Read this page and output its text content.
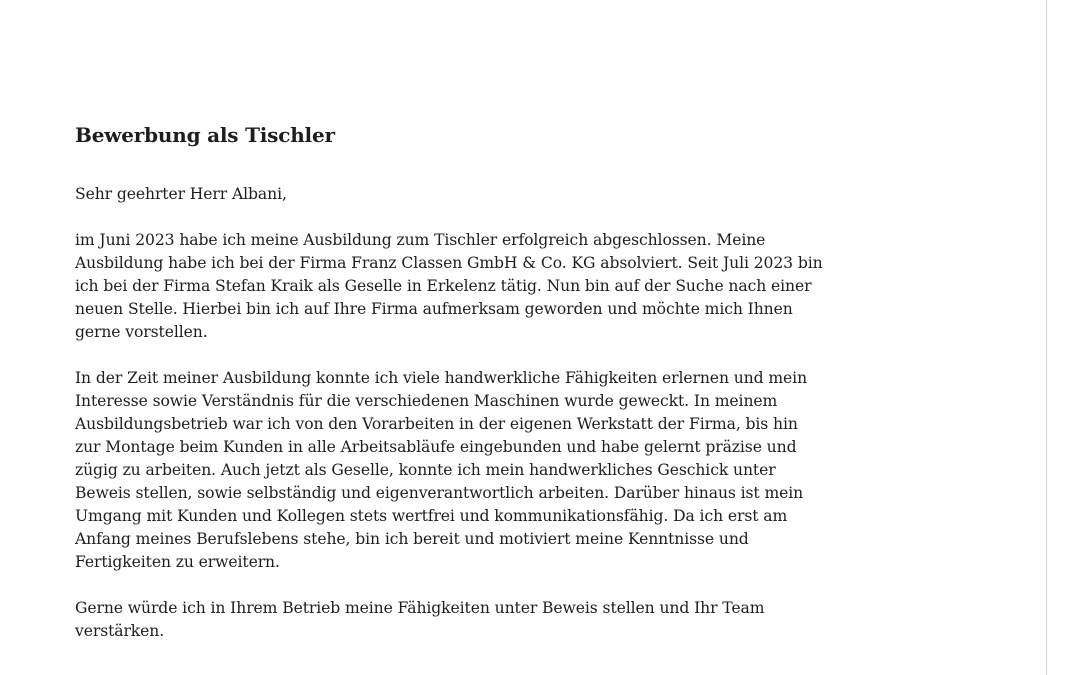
Bewerbung als Tischler
Sehr geehrter Herr Albani,
im Juni 2023 habe ich meine Ausbildung zum Tischler erfolgreich abgeschlossen. Meine
Ausbildung habe ich bei der Firma Franz Classen GmbH & Co. KG absolviert. Seit Juli 2023 bin
ich bei der Firma Stefan Kraik als Geselle in Erkelenz tätig. Nun bin auf der Suche nach einer
neuen Stelle. Hierbei bin ich auf Ihre Firma aufmerksam geworden und möchte mich Ihnen
gerne vorstellen.
In der Zeit meiner Ausbildung konnte ich viele handwerkliche Fähigkeiten erlernen und mein
Interesse sowie Verständnis für die verschiedenen Maschinen wurde geweckt. In meinem
Ausbildungsbetrieb war ich von den Vorarbeiten in der eigenen Werkstatt der Firma, bis hin
zur Montage beim Kunden in alle Arbeitsabläufe eingebunden und habe gelernt präzise und
zügig zu arbeiten. Auch jetzt als Geselle, konnte ich mein handwerkliches Geschick unter
Beweis stellen, sowie selbständig und eigenverantwortlich arbeiten. Darüber hinaus ist mein
Umgang mit Kunden und Kollegen stets wertfrei und kommunikationsfähig. Da ich erst am
Anfang meines Berufslebens stehe, bin ich bereit und motiviert meine Kenntnisse und
Fertigkeiten zu erweitern.
Gerne würde ich in Ihrem Betrieb meine Fähigkeiten unter Beweis stellen und Ihr Team
verstärken.
